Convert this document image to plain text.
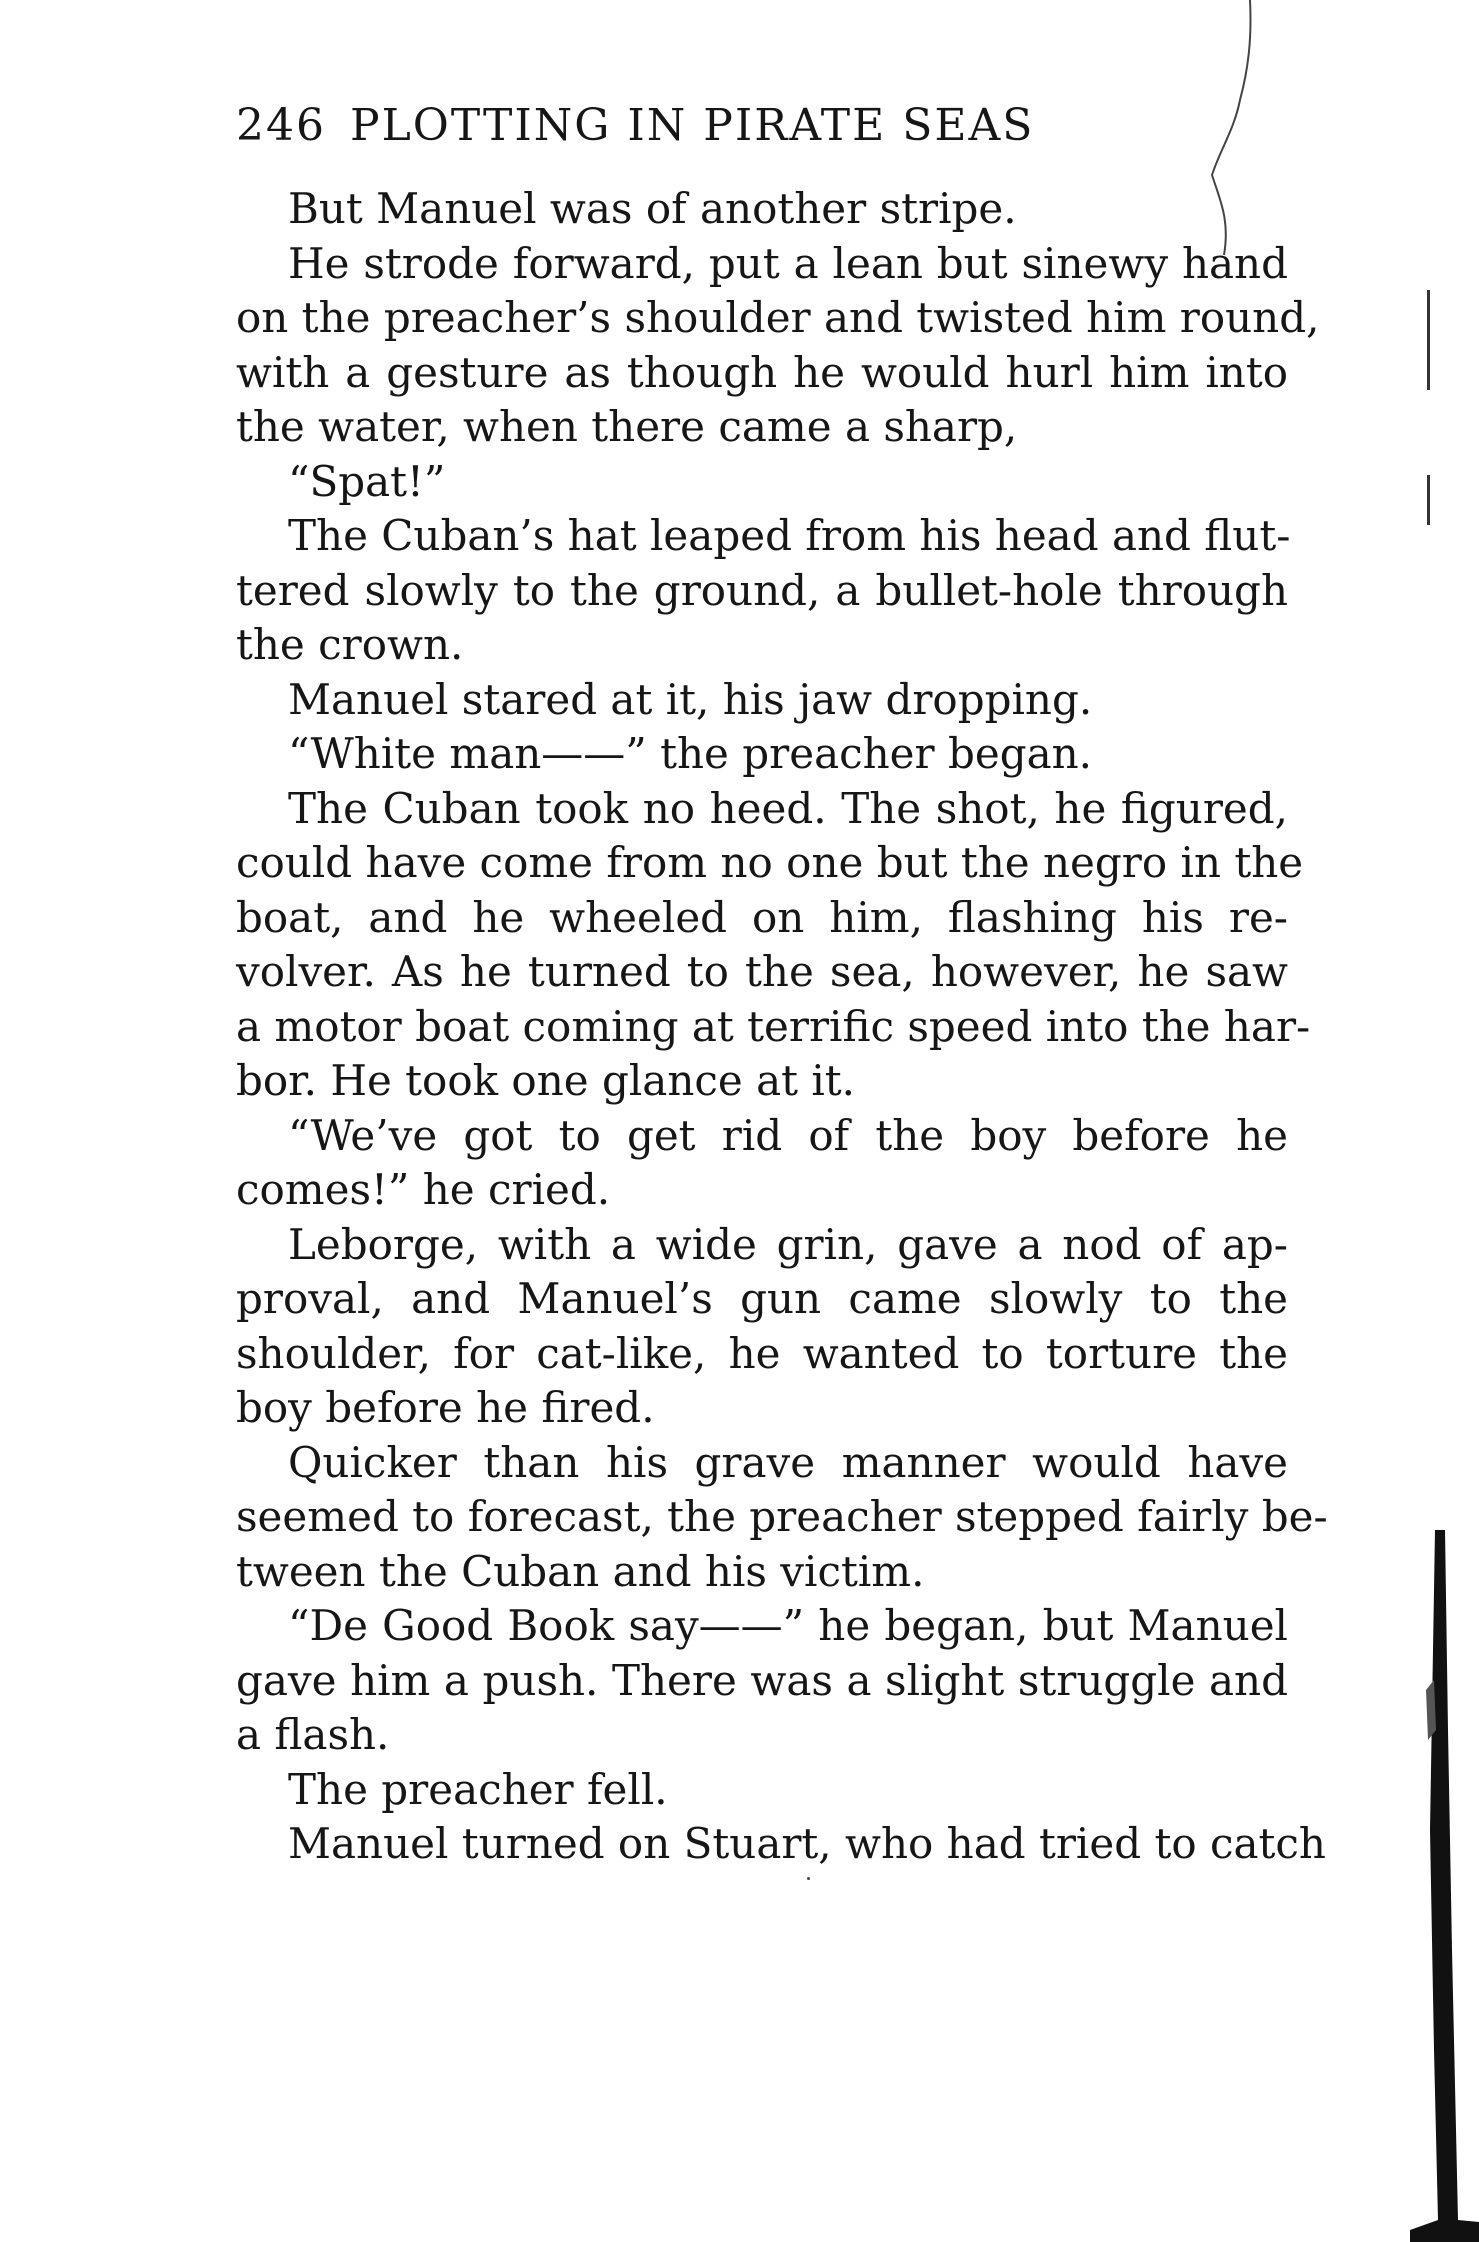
246 PLOTTING IN PIRATE SEAS
But Manuel was of another stripe.
He strode forward, put a lean but sinewy hand
on the preacher’s shoulder and twisted him round,
with a gesture as though he would hurl him into
the water, when there came a sharp,
“Spat!”
The Cuban’s hat leaped from his head and flut-
tered slowly to the ground, a bullet-hole through
the crown.
Manuel stared at it, his jaw dropping.
“White man——” the preacher began.
The Cuban took no heed. The shot, he figured,
could have come from no one but the negro in the
boat, and he wheeled on him, flashing his re-
volver. As he turned to the sea, however, he saw
a motor boat coming at terrific speed into the har-
bor. He took one glance at it.
“We’ve got to get rid of the boy before he
comes!” he cried.
Leborge, with a wide grin, gave a nod of ap-
proval, and Manuel’s gun came slowly to the
shoulder, for cat-like, he wanted to torture the
boy before he fired.
Quicker than his grave manner would have
seemed to forecast, the preacher stepped fairly be-
tween the Cuban and his victim.
“De Good Book say——” he began, but Manuel
gave him a push. There was a slight struggle and
a flash.
The preacher fell.
Manuel turned on Stuart, who had tried to catch
